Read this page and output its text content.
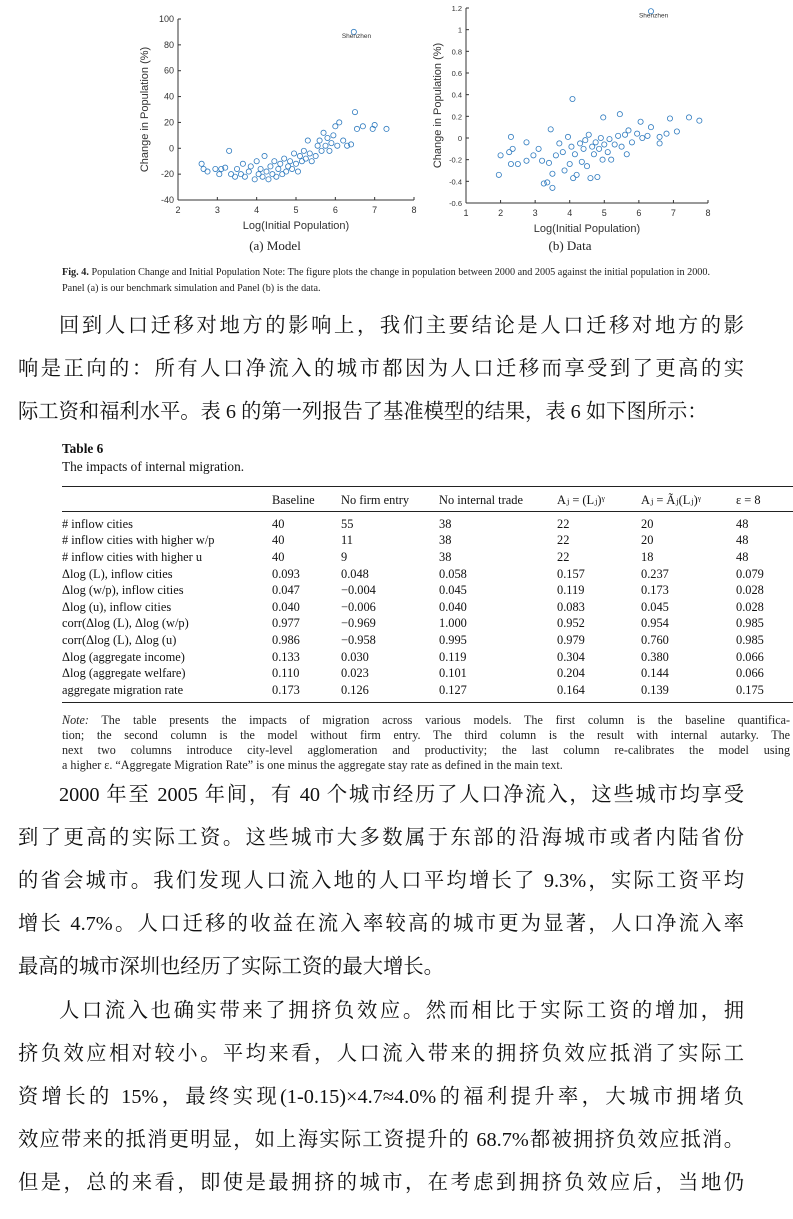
2	3	4	5	6	7	8
-40
-20
0
20
40
60
80
100
Log(Initial Population)
Change in Population (%)
Shenzhen
1	2	3	4	5	6	7	8
-0.6
-0.4
-0.2
0
0.2
0.4
0.6
0.8
1
1.2
Log(Initial Population)
Change in Population (%)
Shenzhen
(a) Model	(b) Data
Fig. 4. Population Change and Initial Population Note: The figure plots the change in population between 2000 and 2005 against the initial population in 2000.
Panel (a) is our benchmark simulation and Panel (b) is the data.
回到人口迁移对地方的影响上，我们主要结论是人口迁移对地方的影
响是正向的：所有人口净流入的城市都因为人口迁移而享受到了更高的实
际工资和福利水平。表 6 的第一列报告了基准模型的结果，表 6 如下图所示：
Table 6
The impacts of internal migration.
	Baseline	No firm entry	No internal trade	Aⱼ = (Lⱼ)ᵞ	Aⱼ = Ãⱼ(Lⱼ)ᵞ	ε = 8
# inflow cities	40	55	38	22	20	48
# inflow cities with higher w/p	40	11	38	22	20	48
# inflow cities with higher u	40	9	38	22	18	48
Δlog (L), inflow cities	0.093	0.048	0.058	0.157	0.237	0.079
Δlog (w/p), inflow cities	0.047	−0.004	0.045	0.119	0.173	0.028
Δlog (u), inflow cities	0.040	−0.006	0.040	0.083	0.045	0.028
corr(Δlog (L), Δlog (w/p)	0.977	−0.969	1.000	0.952	0.954	0.985
corr(Δlog (L), Δlog (u)	0.986	−0.958	0.995	0.979	0.760	0.985
Δlog (aggregate income)	0.133	0.030	0.119	0.304	0.380	0.066
Δlog (aggregate welfare)	0.110	0.023	0.101	0.204	0.144	0.066
aggregate migration rate	0.173	0.126	0.127	0.164	0.139	0.175
Note: The table presents the impacts of migration across various models. The first column is the baseline quantifica-
tion; the second column is the model without firm entry. The third column is the result with internal autarky. The
next two columns introduce city-level agglomeration and productivity; the last column re-calibrates the model using
a higher ε. “Aggregate Migration Rate” is one minus the aggregate stay rate as defined in the main text.
2000 年至 2005 年间，有 40 个城市经历了人口净流入，这些城市均享受
到了更高的实际工资。这些城市大多数属于东部的沿海城市或者内陆省份
的省会城市。我们发现人口流入地的人口平均增长了 9.3%，实际工资平均
增长 4.7%。人口迁移的收益在流入率较高的城市更为显著，人口净流入率
最高的城市深圳也经历了实际工资的最大增长。
人口流入也确实带来了拥挤负效应。然而相比于实际工资的增加，拥
挤负效应相对较小。平均来看，人口流入带来的拥挤负效应抵消了实际工
资增长的 15%，最终实现(1-0.15)×4.7≈4.0%的福利提升率，大城市拥堵负
效应带来的抵消更明显，如上海实际工资提升的 68.7%都被拥挤负效应抵消。
但是，总的来看，即使是最拥挤的城市，在考虑到拥挤负效应后，当地仍
